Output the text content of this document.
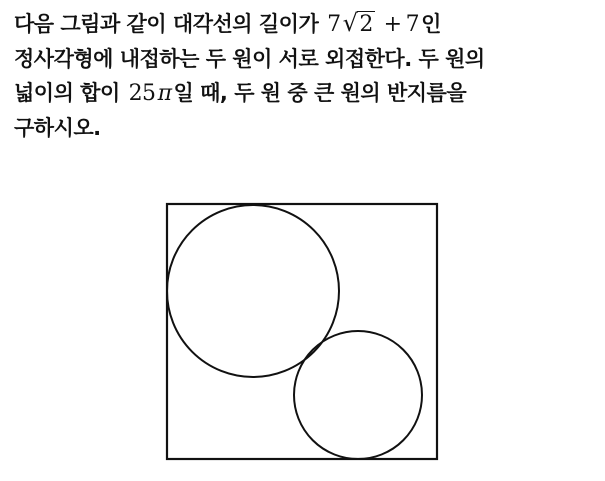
다음 그림과 같이 대각선의 길이가 7√2 + 7인
정사각형에 내접하는 두 원이 서로 외접한다. 두 원의
넓이의 합이 25π일 때, 두 원 중 큰 원의 반지름을
구하시오.
